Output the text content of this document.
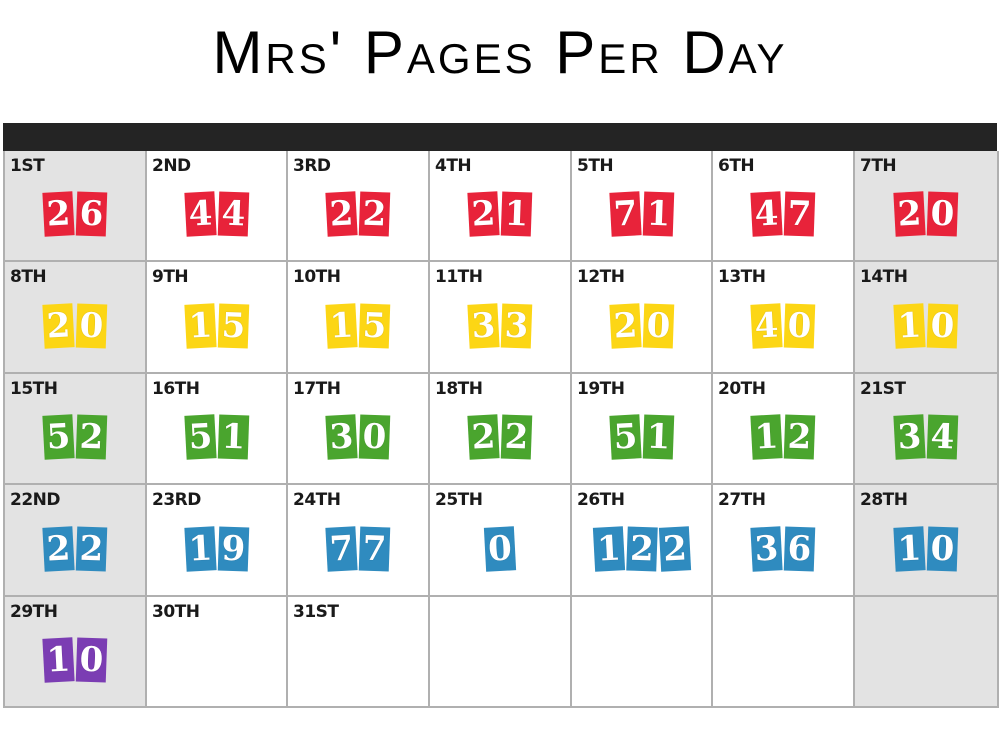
Mrs' Pages Per Day
1ST
2 6
2ND
4 4
3RD
2 2
4TH
2 1
5TH
7 1
6TH
4 7
7TH
2 0
8TH
2 0
9TH
1 5
10TH
1 5
11TH
3 3
12TH
2 0
13TH
4 0
14TH
1 0
15TH
5 2
16TH
5 1
17TH
3 0
18TH
2 2
19TH
5 1
20TH
1 2
21ST
3 4
22ND
2 2
23RD
1 9
24TH
7 7
25TH
0
26TH
1 2 2
27TH
3 6
28TH
1 0
29TH
1 0
30TH	31ST
